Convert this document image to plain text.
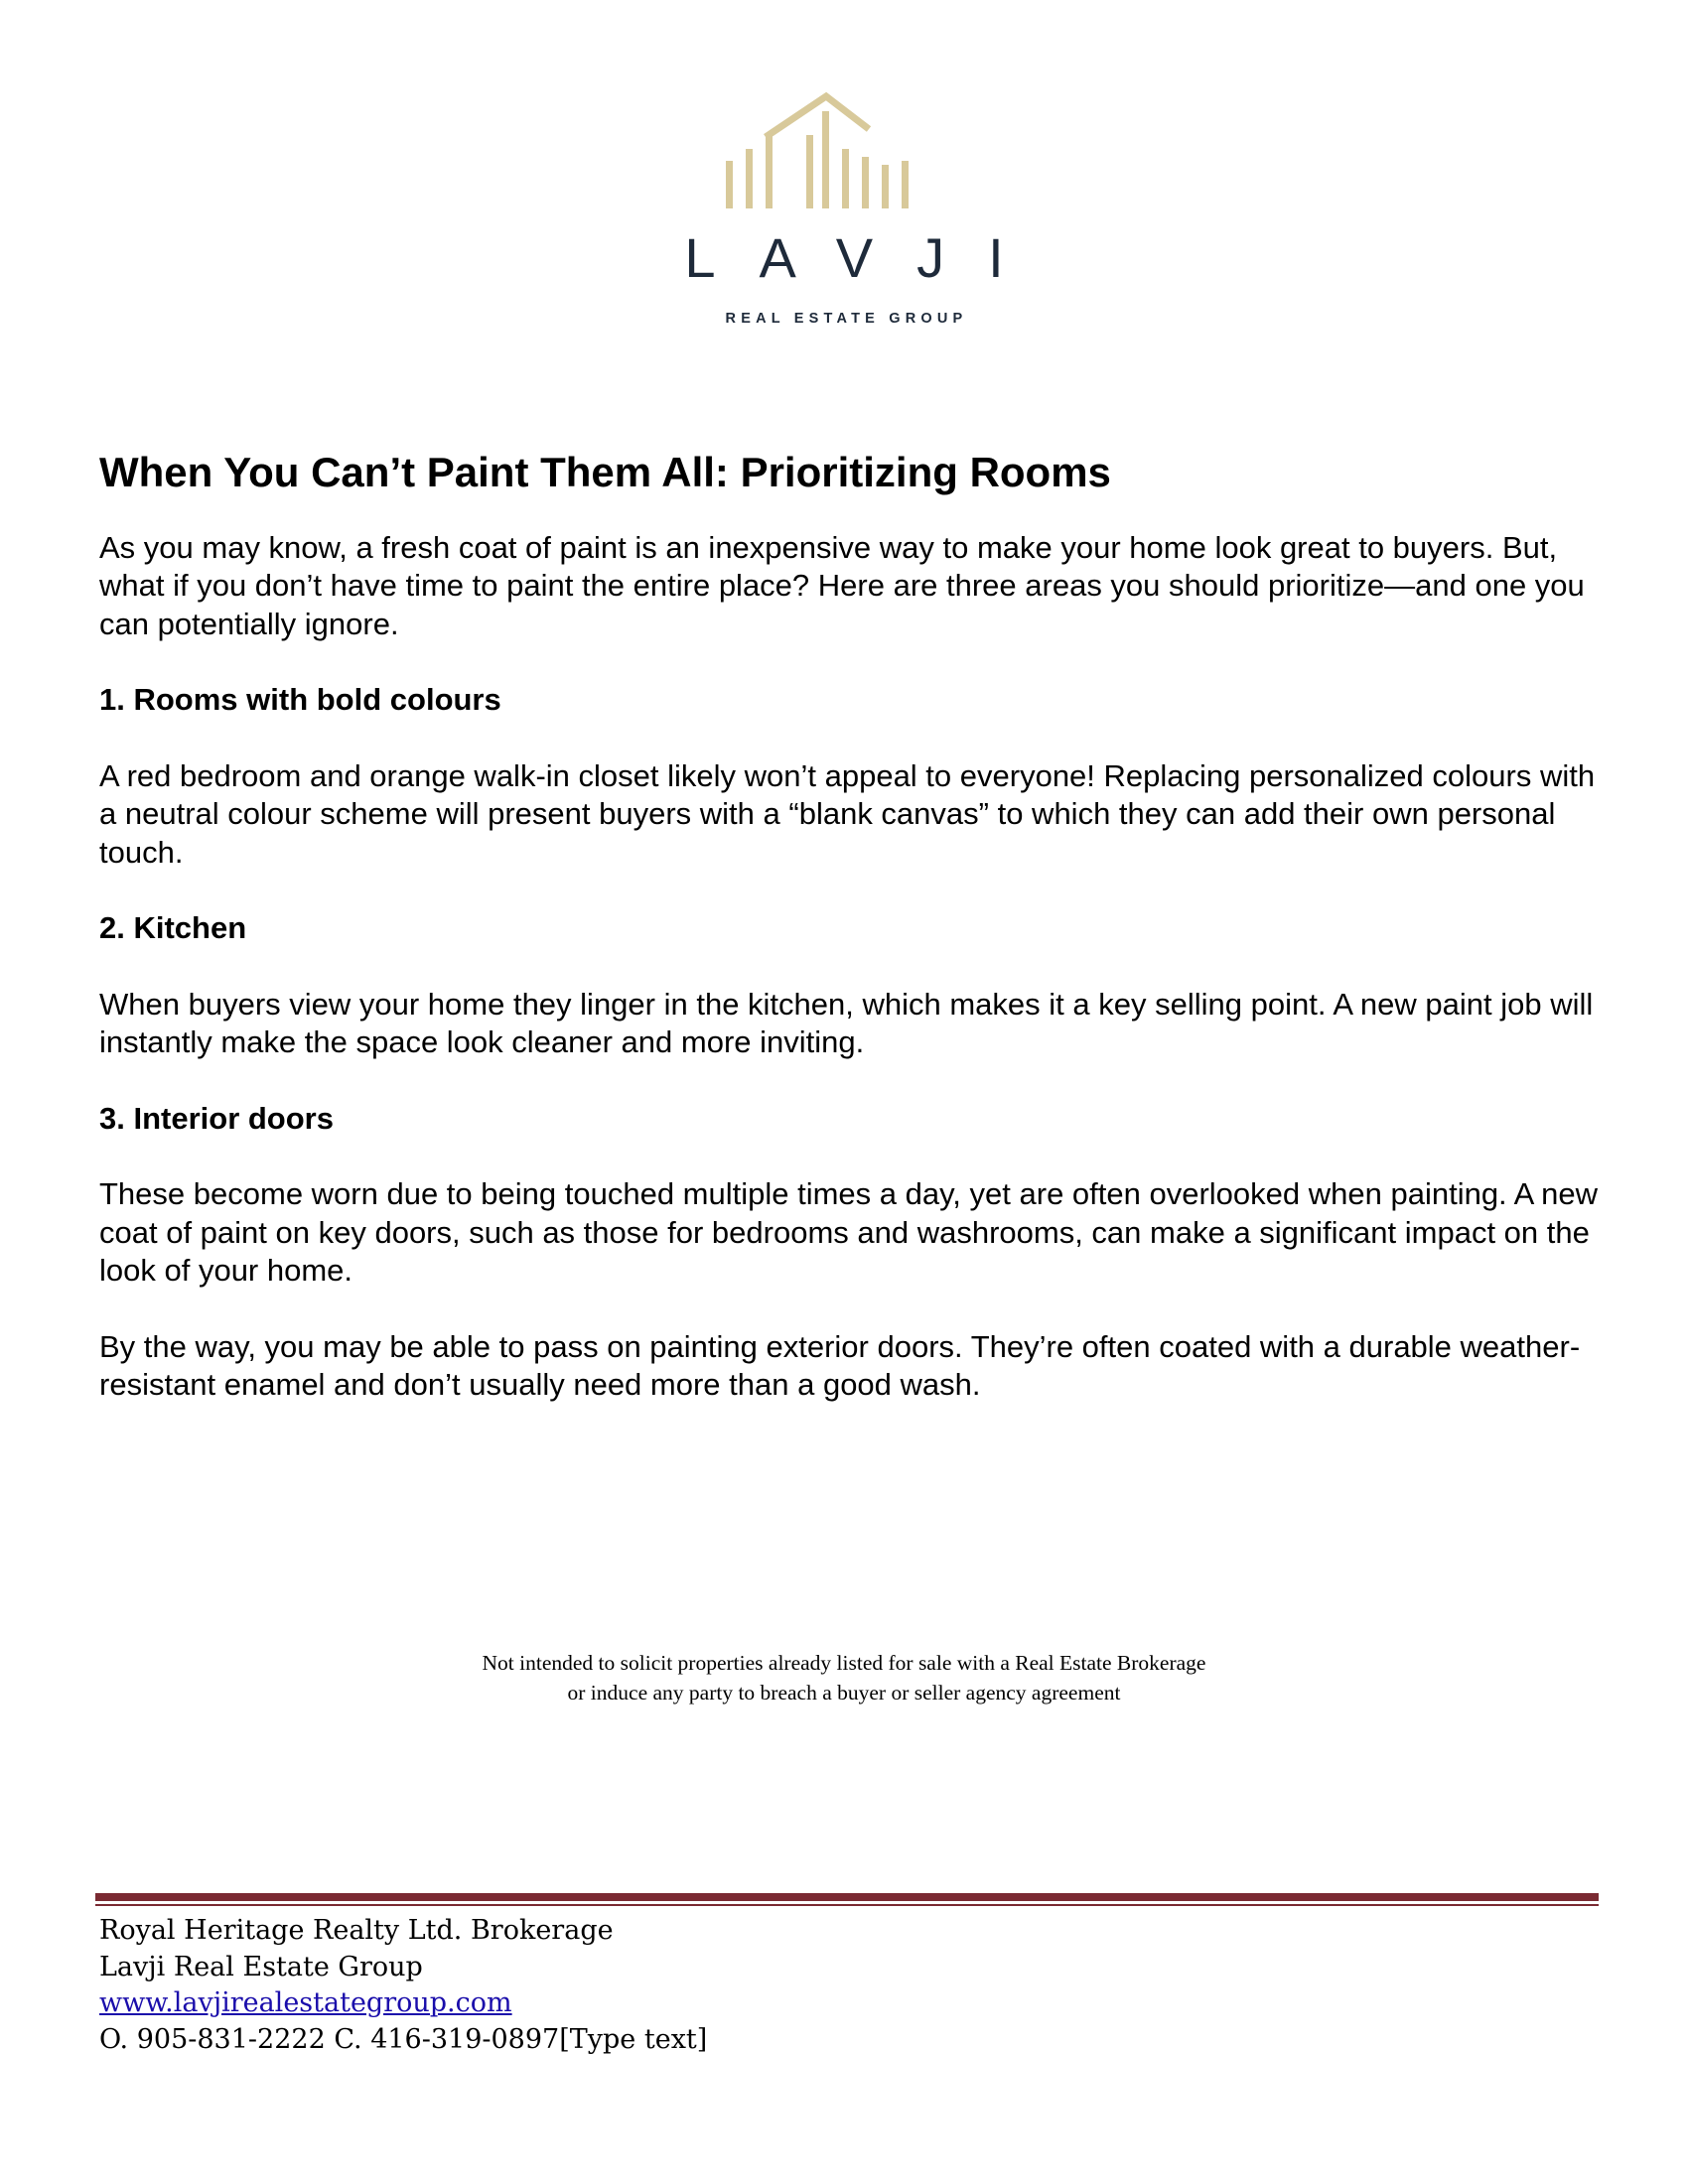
LAVJI
REAL ESTATE GROUP
When You Can’t Paint Them All: Prioritizing Rooms

As you may know, a fresh coat of paint is an inexpensive way to make your home look great to buyers. But, what if you don’t have time to paint the entire place? Here are three areas you should prioritize—and one you can potentially ignore.

1. Rooms with bold colours

A red bedroom and orange walk-in closet likely won’t appeal to everyone! Replacing personalized colours with a neutral colour scheme will present buyers with a “blank canvas” to which they can add their own personal touch.

2. Kitchen

When buyers view your home they linger in the kitchen, which makes it a key selling point. A new paint job will instantly make the space look cleaner and more inviting.

3. Interior doors

These become worn due to being touched multiple times a day, yet are often overlooked when painting. A new coat of paint on key doors, such as those for bedrooms and washrooms, can make a significant impact on the look of your home.

By the way, you may be able to pass on painting exterior doors. They’re often coated with a durable weather-resistant enamel and don’t usually need more than a good wash.

Not intended to solicit properties already listed for sale with a Real Estate Brokerage
or induce any party to breach a buyer or seller agency agreement
Royal Heritage Realty Ltd. Brokerage
Lavji Real Estate Group
www.lavjirealestategroup.com
O. 905-831-2222 C. 416-319-0897[Type text]
